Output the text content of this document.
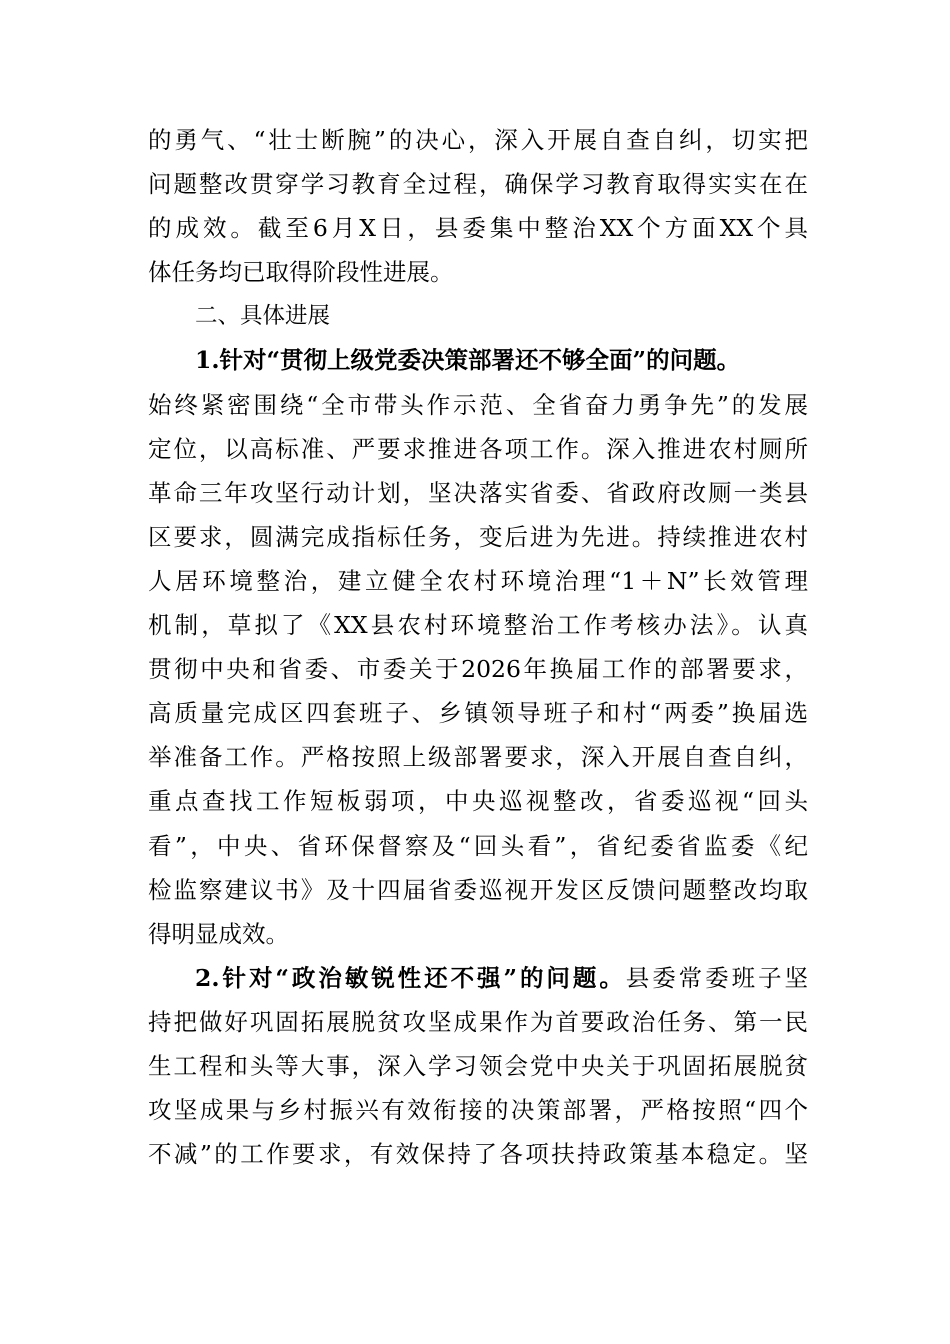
的勇气、“壮士断腕”的决心，深入开展自查自纠，切实把
问题整改贯穿学习教育全过程，确保学习教育取得实实在在
的成效。截至6月X日，县委集中整治XX个方面XX个具
体任务均已取得阶段性进展。
二、具体进展
1.针对“贯彻上级党委决策部署还不够全面”的问题。
始终紧密围绕“全市带头作示范、全省奋力勇争先”的发展
定位，以高标准、严要求推进各项工作。深入推进农村厕所
革命三年攻坚行动计划，坚决落实省委、省政府改厕一类县
区要求，圆满完成指标任务，变后进为先进。持续推进农村
人居环境整治，建立健全农村环境治理“1＋N”长效管理
机制，草拟了《XX县农村环境整治工作考核办法》。认真
贯彻中央和省委、市委关于2026年换届工作的部署要求，
高质量完成区四套班子、乡镇领导班子和村“两委”换届选
举准备工作。严格按照上级部署要求，深入开展自查自纠，
重点查找工作短板弱项，中央巡视整改，省委巡视“回头
看”，中央、省环保督察及“回头看”，省纪委省监委《纪
检监察建议书》及十四届省委巡视开发区反馈问题整改均取
得明显成效。
2.针对“政治敏锐性还不强”的问题。县委常委班子坚
持把做好巩固拓展脱贫攻坚成果作为首要政治任务、第一民
生工程和头等大事，深入学习领会党中央关于巩固拓展脱贫
攻坚成果与乡村振兴有效衔接的决策部署，严格按照“四个
不减”的工作要求，有效保持了各项扶持政策基本稳定。坚
